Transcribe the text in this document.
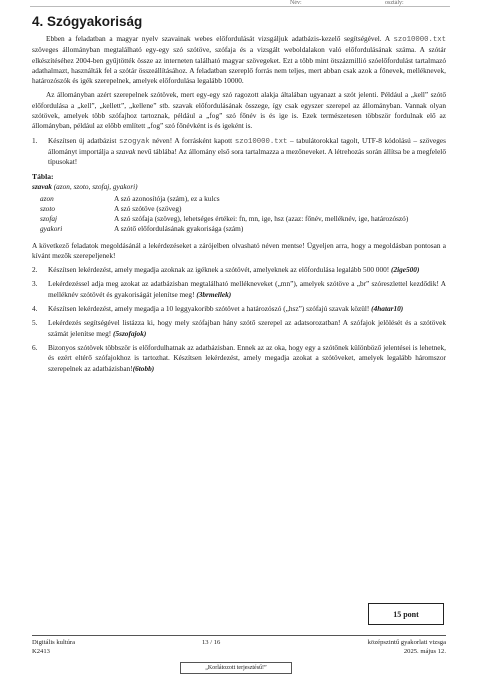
Név:	osztály:
4. Szógyakoriság

Ebben a feladatban a magyar nyelv szavainak webes előfordulását vizsgáljuk adatbázis-kezelő segítségével. A szo10000.txt szöveges állományban megtalálható egy-egy szó szótöve, szófaja és a vizsgált weboldalakon való előfordulásának száma. A szótár elkészítéséhez 2004-ben gyűjtötték össze az interneten található magyar szövegeket. Ezt a több mint ötszázmillió szóelőfordulást tartalmazó adathalmazt, használták fel a szótár összeállításához. A feladatban szereplő forrás nem teljes, mert abban csak azok a főnevek, melléknevek, határozószók és igék szerepelnek, amelyek előfordulása legalább 10000.

Az állományban azért szerepelnek szótövek, mert egy-egy szó ragozott alakja általában ugyanazt a szót jelenti. Például a „kell” szótő előfordulása a „kell”, „kellett”, „kellene” stb. szavak előfordulásának összege, így csak egyszer szerepel az állományban. Vannak olyan szótövek, amelyek több szófajhoz tartoznak, például a „fog” szó főnév is és ige is. Ezek természetesen többször fordulnak elő az állományban, például az előbb említett „fog” szó főnévként is és igeként is.

1. Készítsen új adatbázist szogyak néven! A forrásként kapott szo10000.txt – tabulátorokkal tagolt, UTF-8 kódolású – szöveges állományt importálja a szavak nevű táblába! Az állomány első sora tartalmazza a mezőneveket. A létrehozás során állítsa be a megfelelő típusokat!
Tábla:
szavak (azon, szoto, szofaj, gyakori)
azon	A szó azonosítója (szám), ez a kulcs
szoto	A szó szótöve (szöveg)
szofaj	A szó szófaja (szöveg), lehetséges értékei: fn, mn, ige, hsz (azaz: főnév, melléknév, ige, határozószó)
gyakori	A szótő előfordulásának gyakorisága (szám)

A következő feladatok megoldásánál a lekérdezéseket a zárójelben olvasható néven mentse! Ügyeljen arra, hogy a megoldásban pontosan a kívánt mezők szerepeljenek!

2. Készítsen lekérdezést, amely megadja azoknak az igéknek a szótövét, amelyeknek az előfordulása legalább 500 000! (2ige500)
3. Lekérdezéssel adja meg azokat az adatbázisban megtalálható mellékneveket („mn”), amelyek szótöve a „br” szóreszlettel kezdődik! A melléknév szótövét és gyakoriságát jelenítse meg! (3brmellek)
4. Készítsen lekérdezést, amely megadja a 10 leggyakoribb szótövet a határozószó („hsz”) szófajú szavak közül! (4hatar10)
5. Lekérdezés segítségével listázza ki, hogy mely szófajban hány szótő szerepel az adatsorozatban! A szófajok jelölését és a szótövek számát jelenítse meg! (5szofajok)
6. Bizonyos szótövek többször is előfordulhatnak az adatbázisban. Ennek az az oka, hogy egy a szótőnek különböző jelentései is lehetnek, és ezért eltérő szófajokhoz is tartozhat. Készítsen lekérdezést, amely megadja azokat a szótöveket, amelyek legalább háromszor szerepelnek az adatbázisban!(6tobb)
15 pont
Digitális kultúra
K2413
13 / 16	középszintű gyakorlati vizsga
2025. május 12.
„Korlátozott terjesztésű!”
